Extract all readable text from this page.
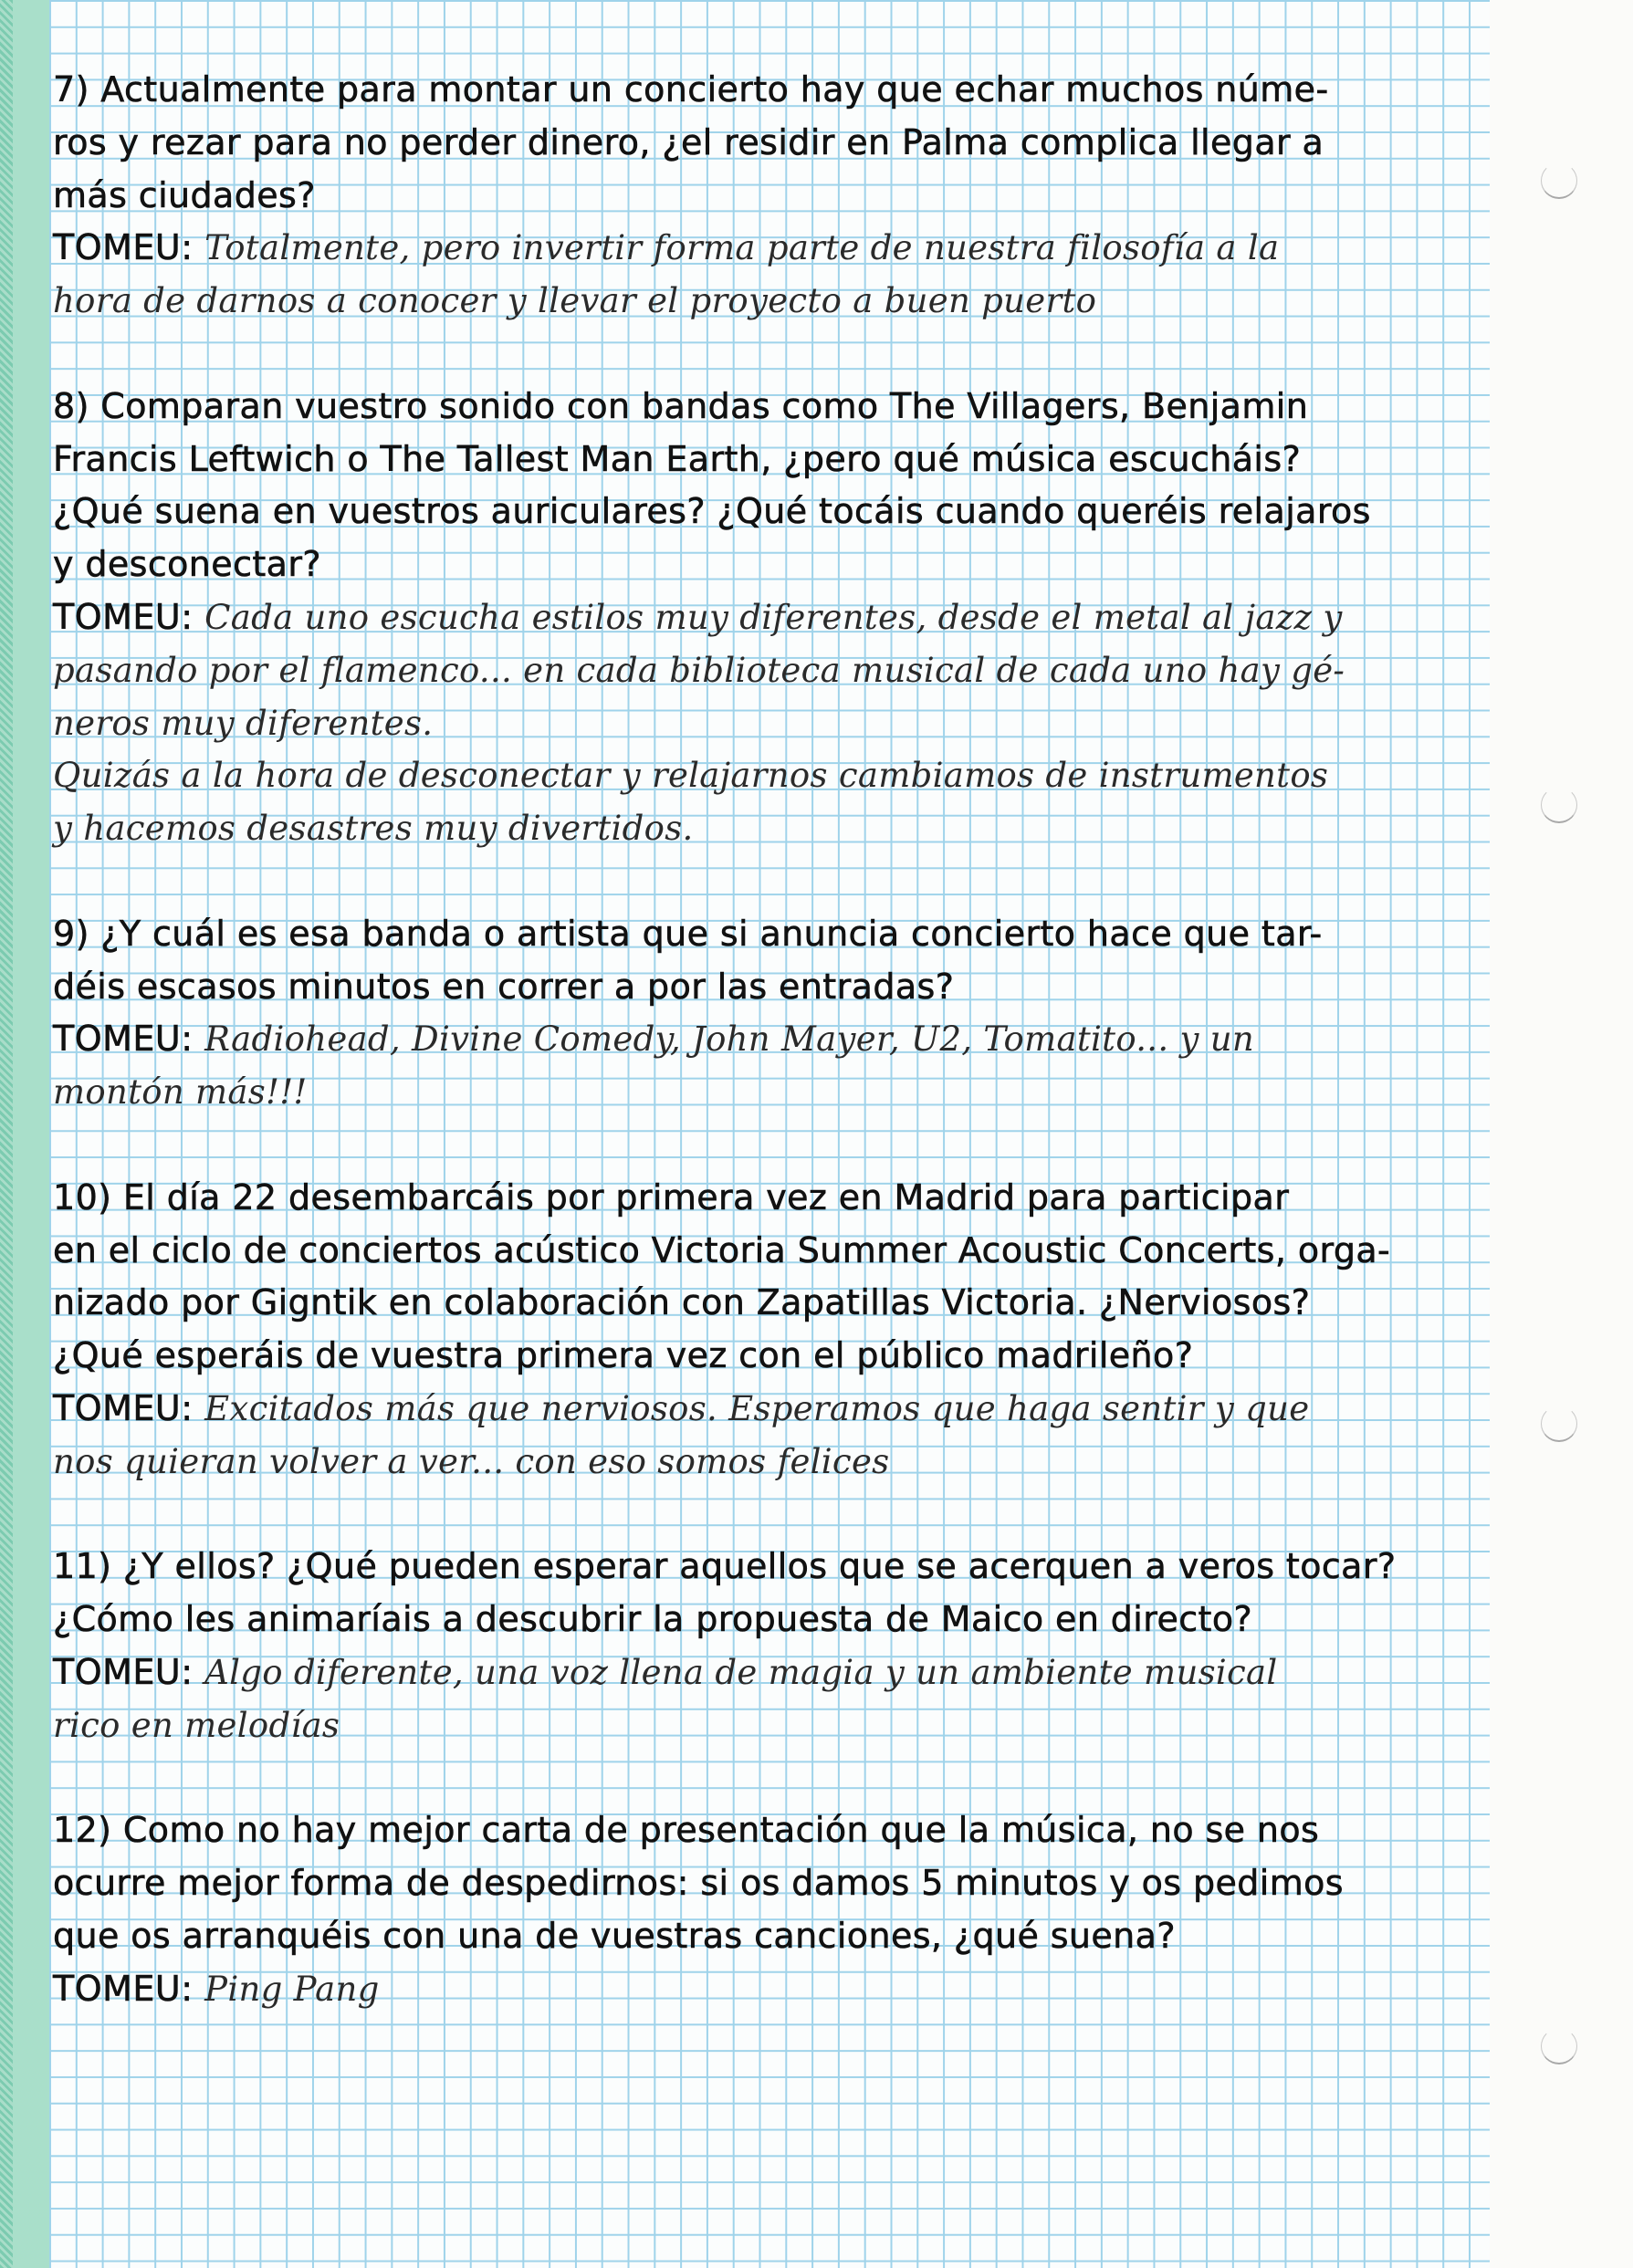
7) Actualmente para montar un concierto hay que echar muchos núme-
ros y rezar para no perder dinero, ¿el residir en Palma complica llegar a
más ciudades?
TOMEU: Totalmente, pero invertir forma parte de nuestra filosofía a la
hora de darnos a conocer y llevar el proyecto a buen puerto
8) Comparan vuestro sonido con bandas como The Villagers, Benjamin
Francis Leftwich o The Tallest Man Earth, ¿pero qué música escucháis?
¿Qué suena en vuestros auriculares? ¿Qué tocáis cuando queréis relajaros
y desconectar?
TOMEU: Cada uno escucha estilos muy diferentes, desde el metal al jazz y
pasando por el flamenco... en cada biblioteca musical de cada uno hay gé-
neros muy diferentes.
Quizás a la hora de desconectar y relajarnos cambiamos de instrumentos
y hacemos desastres muy divertidos.
9) ¿Y cuál es esa banda o artista que si anuncia concierto hace que tar-
déis escasos minutos en correr a por las entradas?
TOMEU: Radiohead, Divine Comedy, John Mayer, U2, Tomatito... y un
montón más!!!
10) El día 22 desembarcáis por primera vez en Madrid para participar
en el ciclo de conciertos acústico Victoria Summer Acoustic Concerts, orga-
nizado por Gigntik en colaboración con Zapatillas Victoria. ¿Nerviosos?
¿Qué esperáis de vuestra primera vez con el público madrileño?
TOMEU: Excitados más que nerviosos. Esperamos que haga sentir y que
nos quieran volver a ver... con eso somos felices
11) ¿Y ellos? ¿Qué pueden esperar aquellos que se acerquen a veros tocar?
¿Cómo les animaríais a descubrir la propuesta de Maico en directo?
TOMEU: Algo diferente, una voz llena de magia y un ambiente musical
rico en melodías
12) Como no hay mejor carta de presentación que la música, no se nos
ocurre mejor forma de despedirnos: si os damos 5 minutos y os pedimos
que os arranquéis con una de vuestras canciones, ¿qué suena?
TOMEU: Ping Pang
